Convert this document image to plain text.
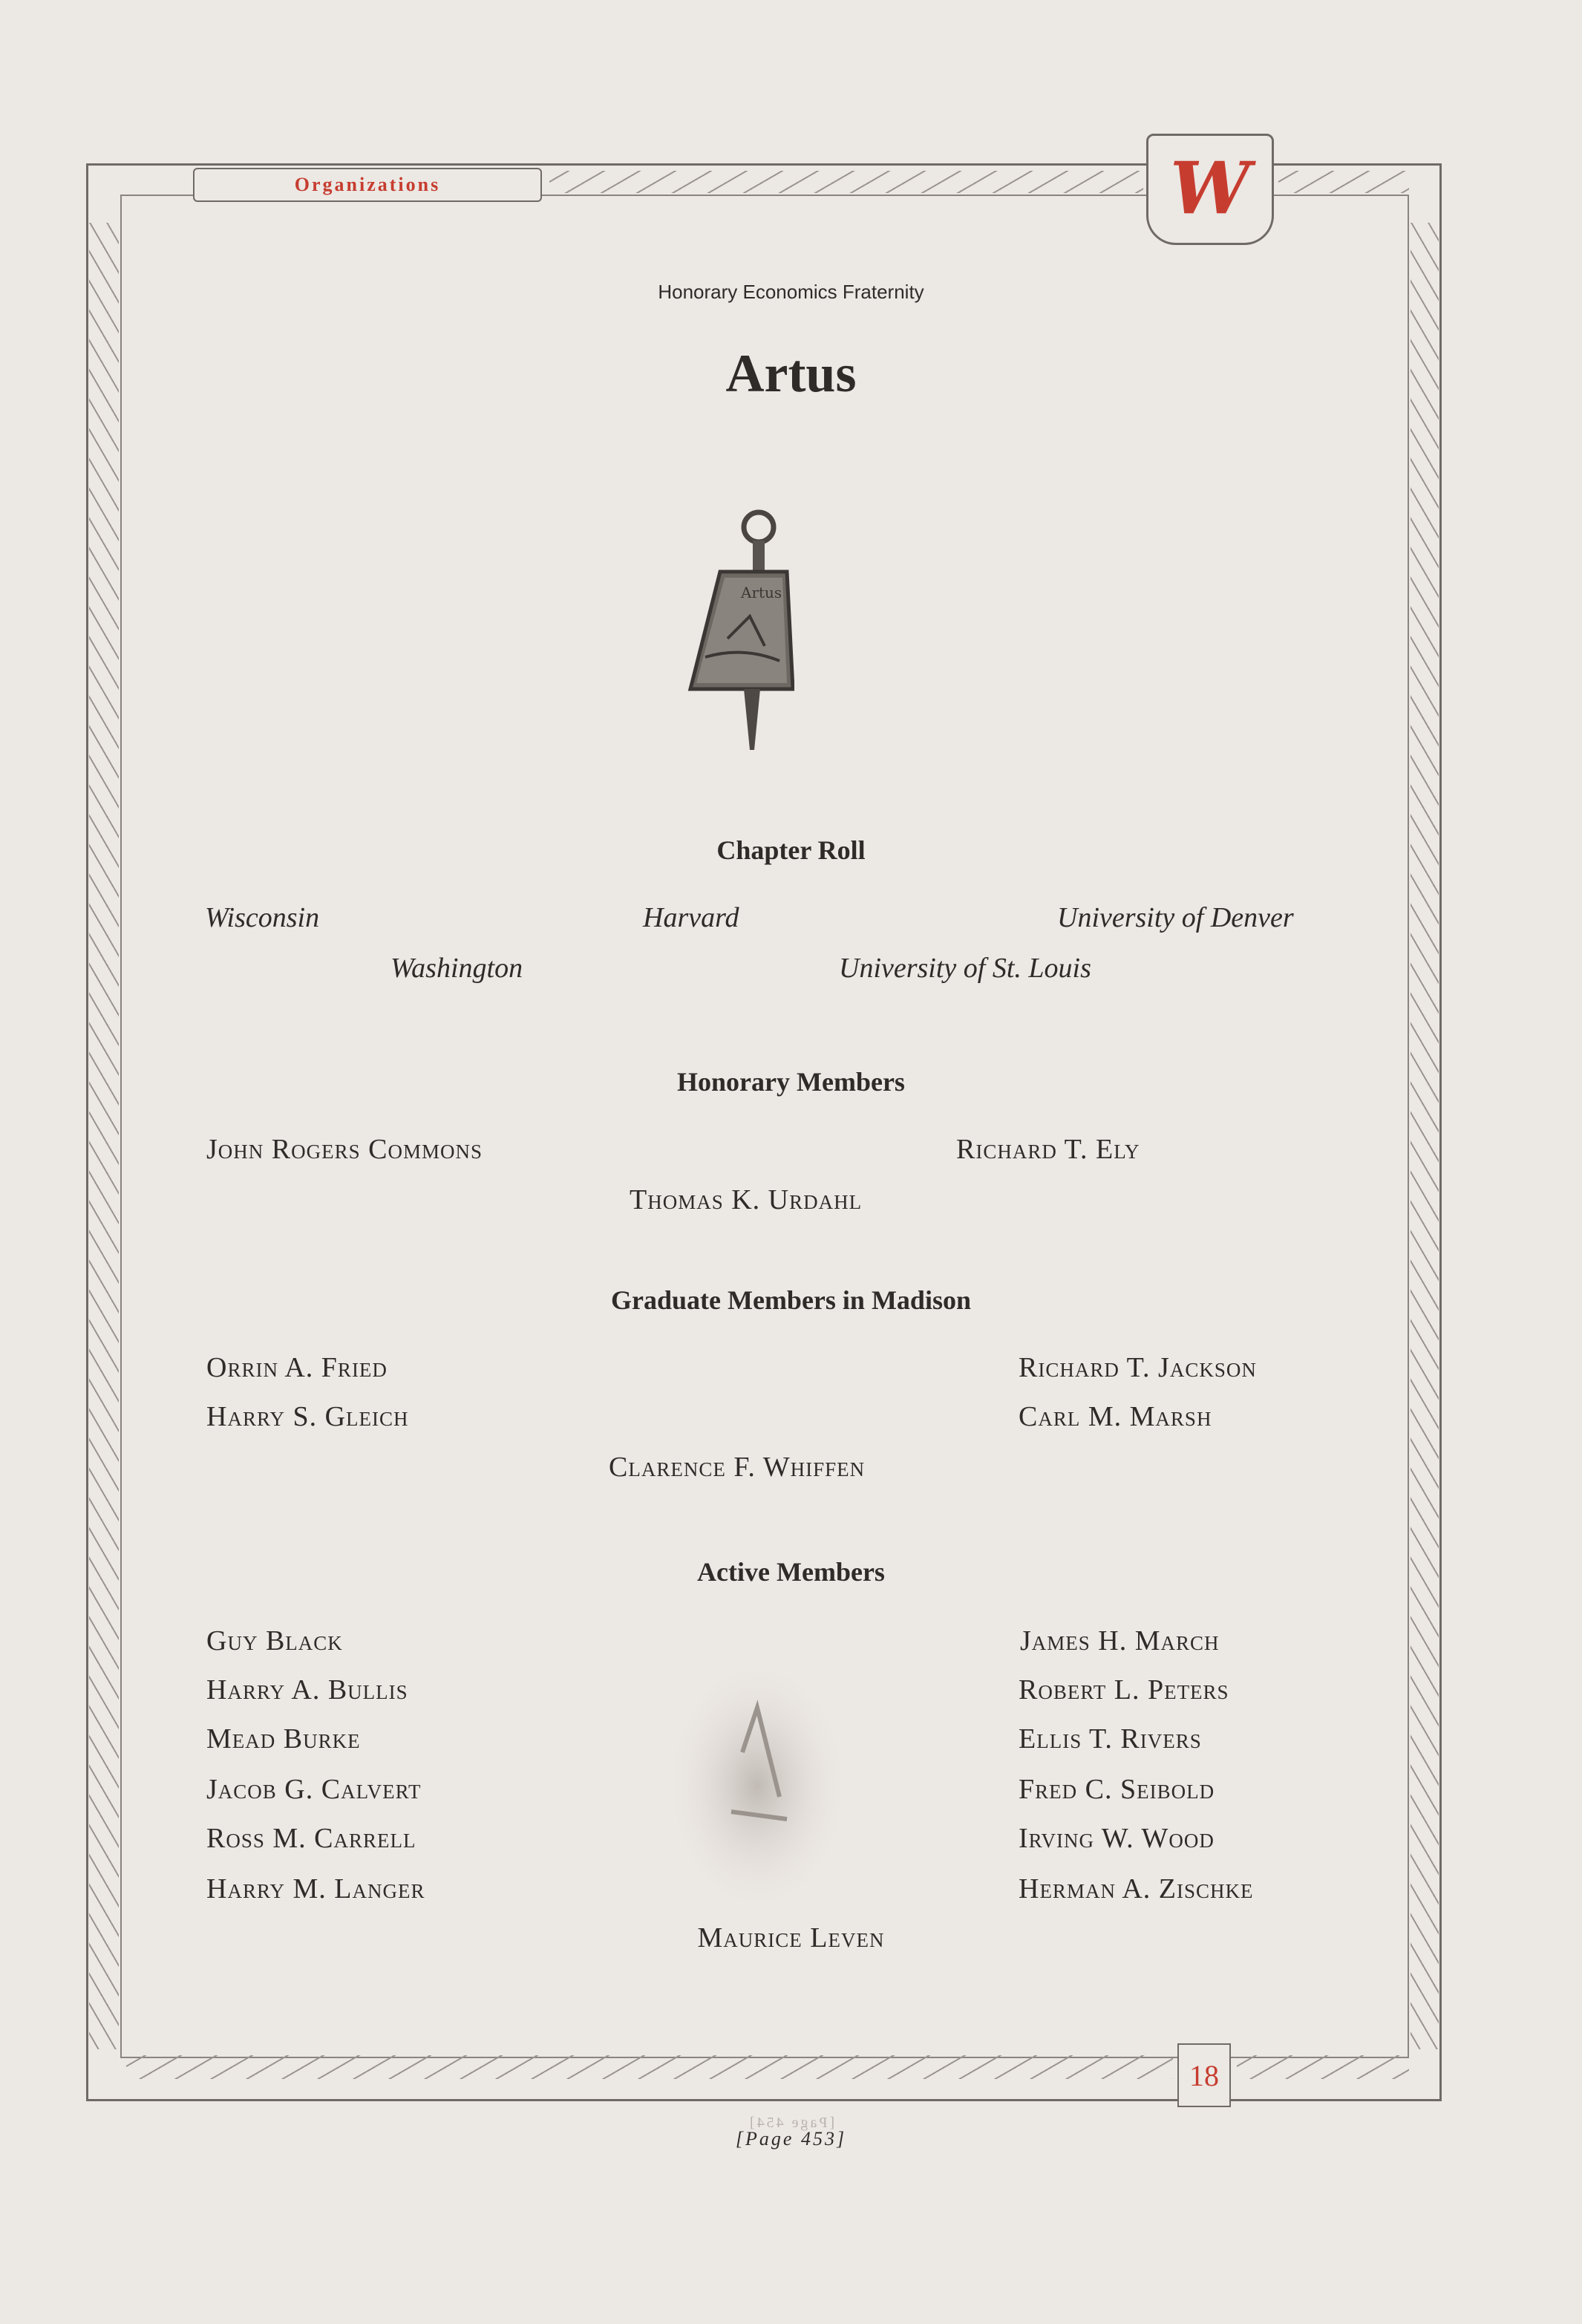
Organizations	W
18
Honorary Economics Fraternity
Artus
Artus
Chapter Roll
Wisconsin	Harvard	University of Denver
Washington	University of St. Louis
Honorary Members
John Rogers Commons	Richard T. Ely
Thomas K. Urdahl
Graduate Members in Madison
Orrin A. Fried
Harry S. Gleich
Richard T. Jackson
Carl M. Marsh
Clarence F. Whiffen
Active Members
Guy Black
Harry A. Bullis
Mead Burke
Jacob G. Calvert
Ross M. Carrell
Harry M. Langer
James H. March
Robert L. Peters
Ellis T. Rivers
Fred C. Seibold
Irving W. Wood
Herman A. Zischke
Maurice Leven
[Page 454]
[Page 453]
